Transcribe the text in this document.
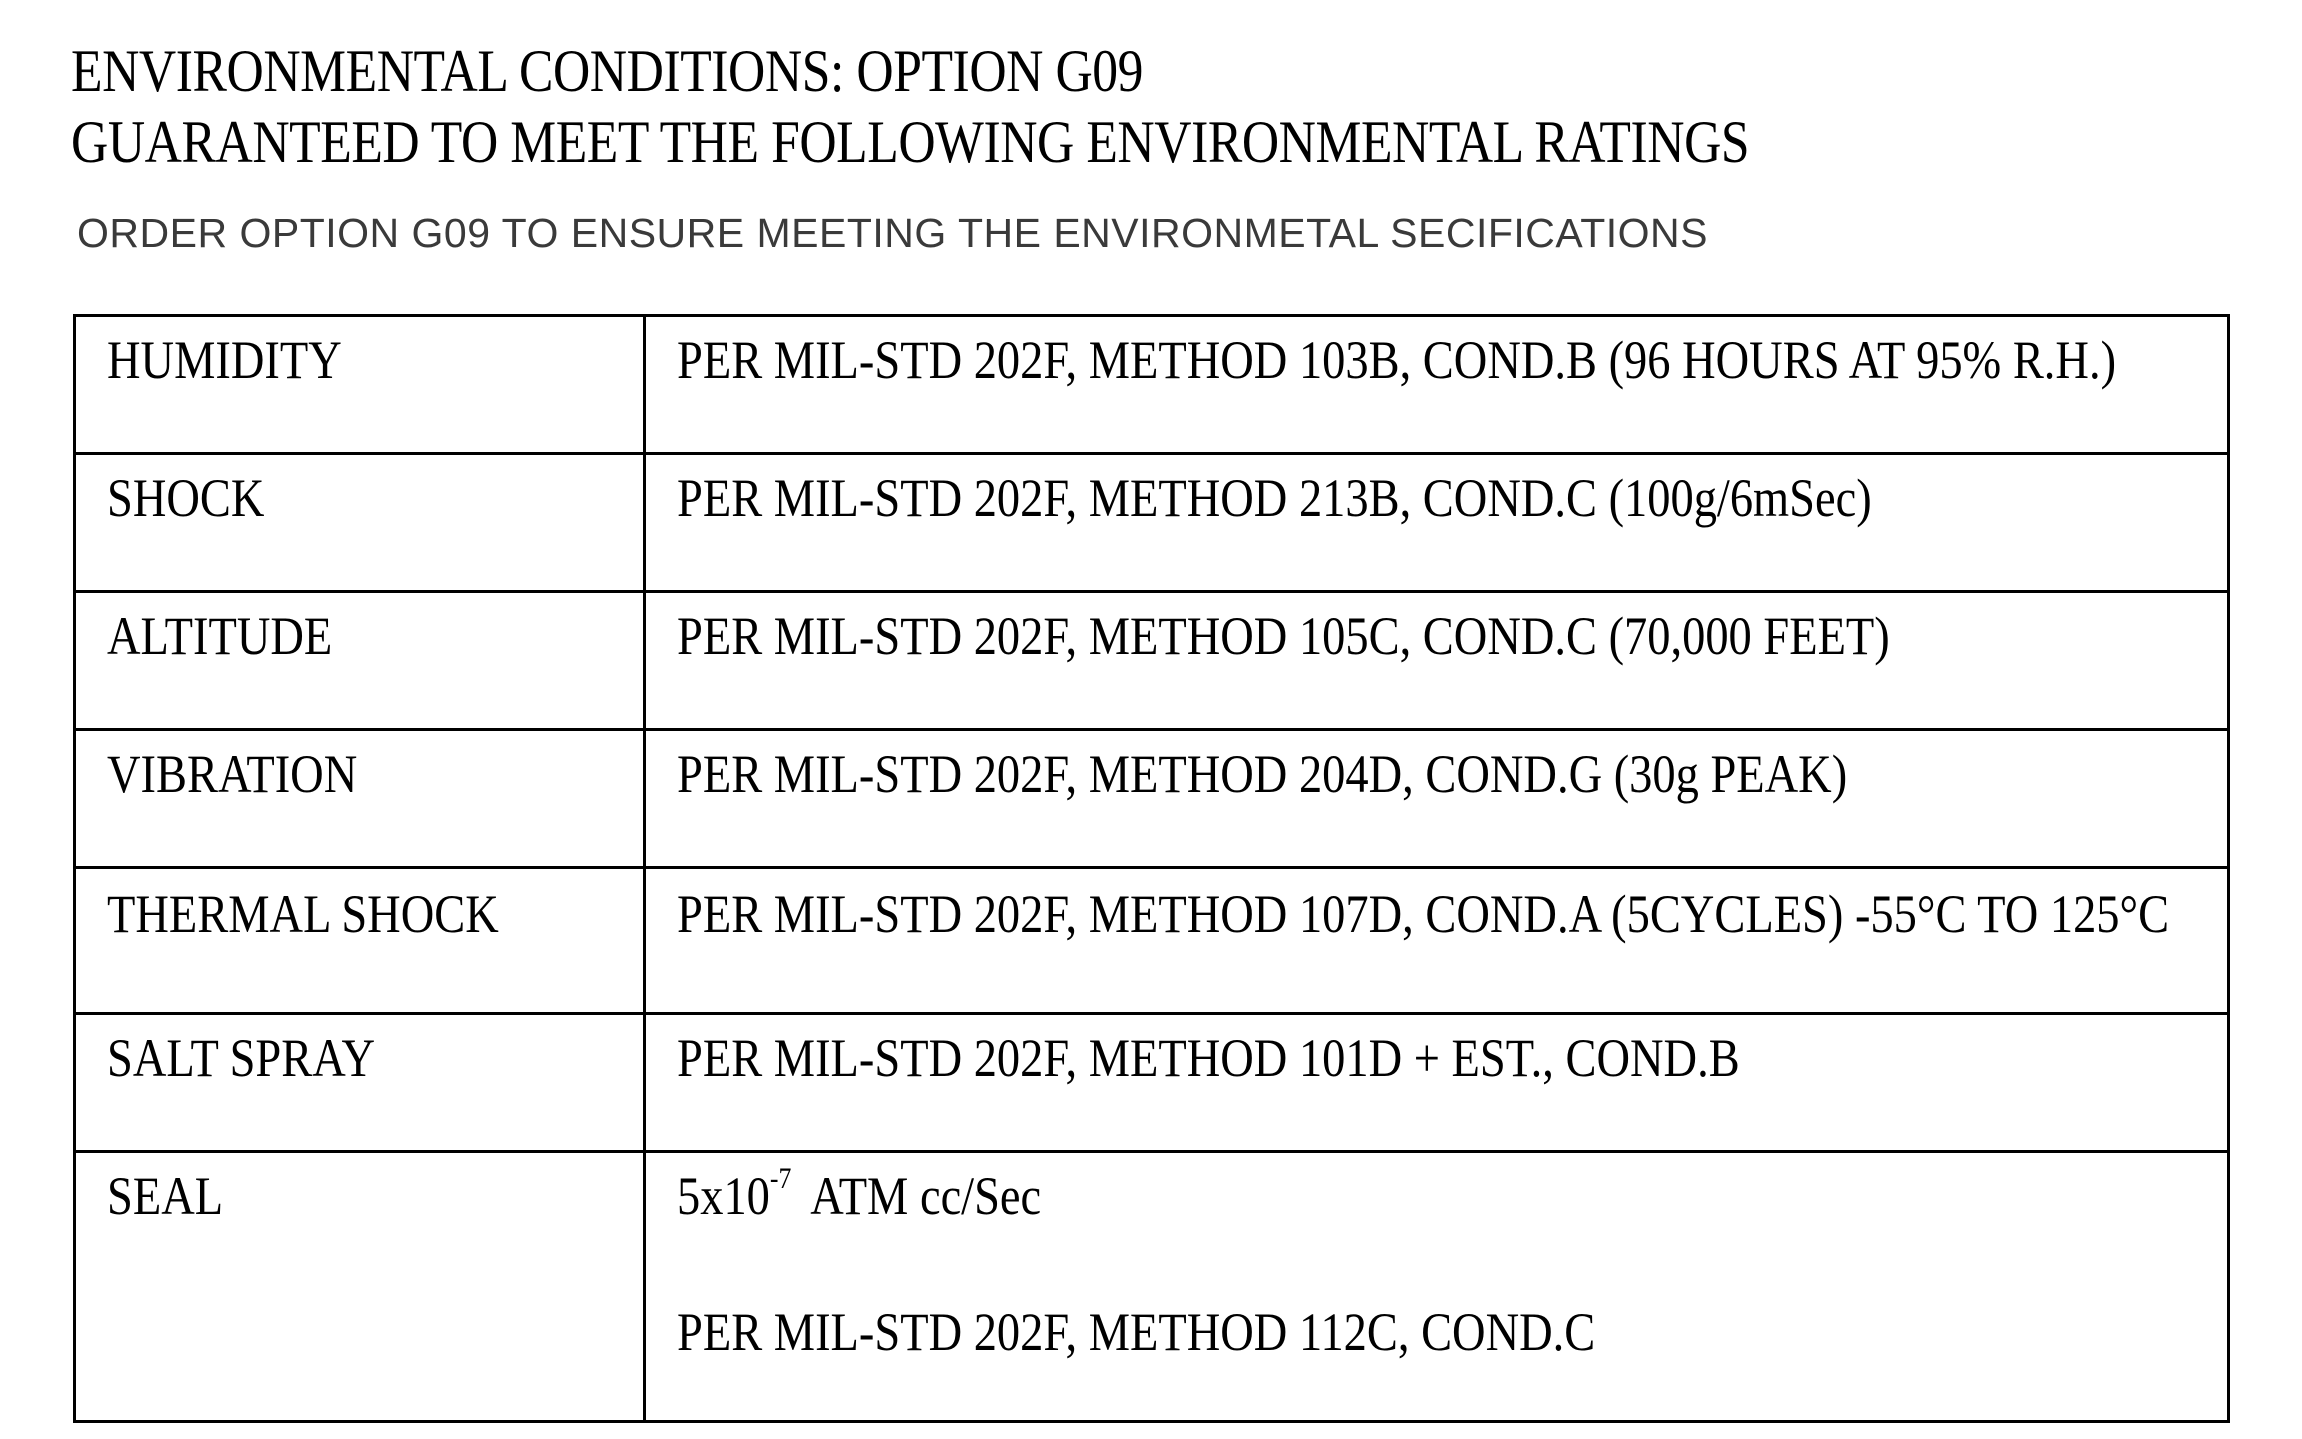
ENVIRONMENTAL CONDITIONS: OPTION G09
GUARANTEED TO MEET THE FOLLOWING ENVIRONMENTAL RATINGS
ORDER OPTION G09 TO ENSURE MEETING THE ENVIRONMETAL SECIFICATIONS
HUMIDITY	PER MIL-STD 202F, METHOD 103B, COND.B (96 HOURS AT 95% R.H.)

SHOCK	PER MIL-STD 202F, METHOD 213B, COND.C (100g/6mSec)

ALTITUDE	PER MIL-STD 202F, METHOD 105C, COND.C (70,000 FEET)

VIBRATION	PER MIL-STD 202F, METHOD 204D, COND.G (30g PEAK)

THERMAL SHOCK	PER MIL-STD 202F, METHOD 107D, COND.A (5CYCLES) -55°C TO 125°C

SALT SPRAY	PER MIL-STD 202F, METHOD 101D + EST., COND.B

SEAL	$5x10^{-7}$ ATM cc/Sec
PER MIL-STD 202F, METHOD 112C, COND.C
